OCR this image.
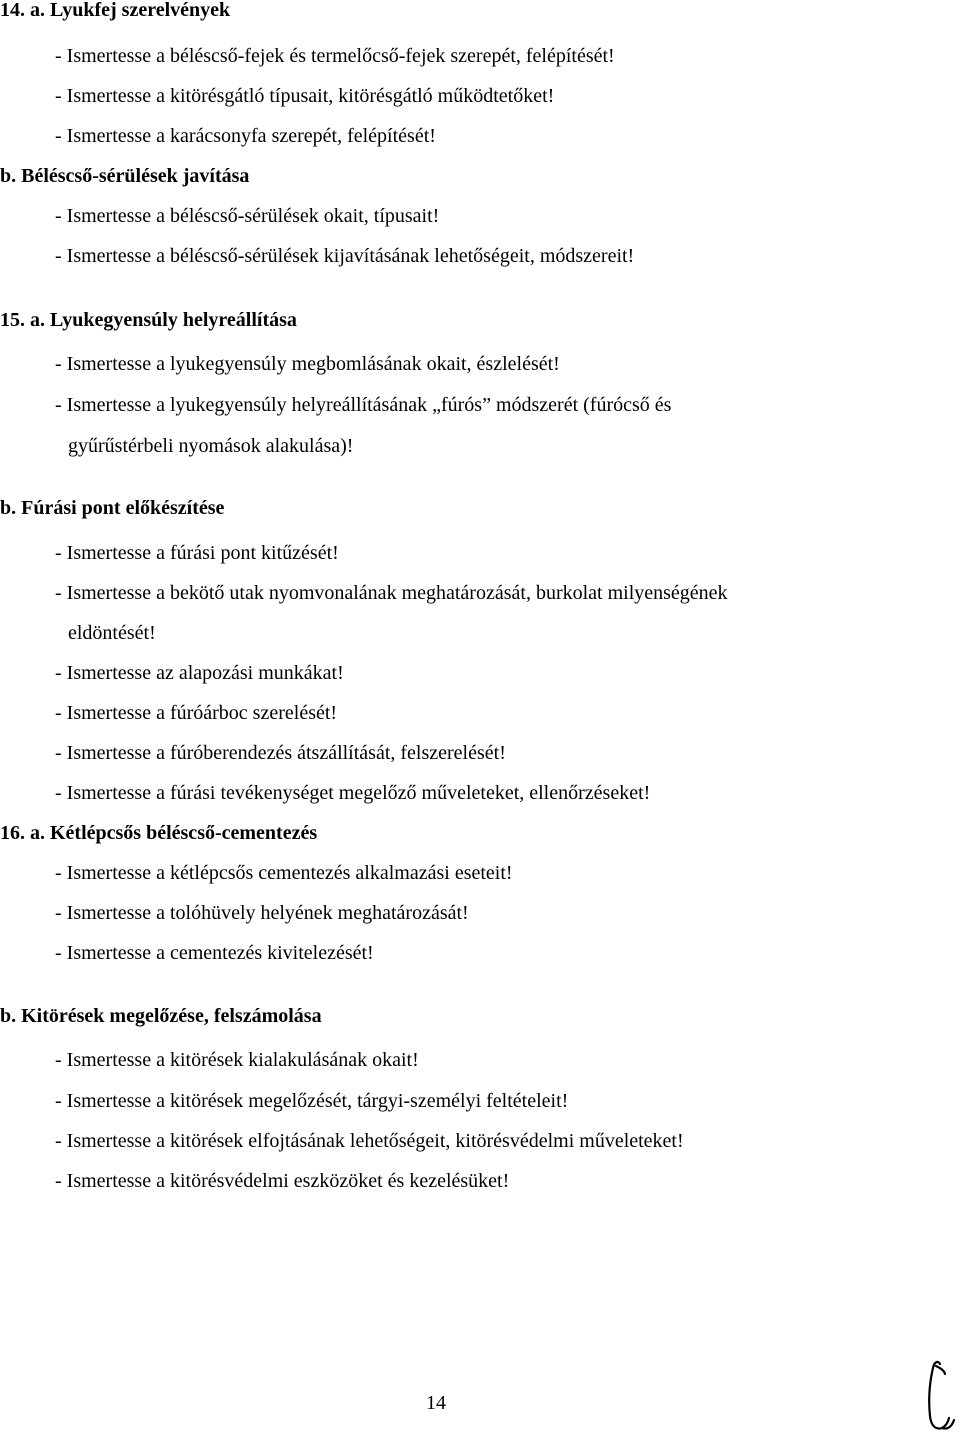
14. a. Lyukfej szerelvények
- Ismertesse a béléscső-fejek és termelőcső-fejek szerepét, felépítését!
- Ismertesse a kitörésgátló típusait, kitörésgátló működtetőket!
- Ismertesse a karácsonyfa szerepét, felépítését!
b. Béléscső-sérülések javítása
- Ismertesse a béléscső-sérülések okait, típusait!
- Ismertesse a béléscső-sérülések kijavításának lehetőségeit, módszereit!
15. a. Lyukegyensúly helyreállítása
- Ismertesse a lyukegyensúly megbomlásának okait, észlelését!
- Ismertesse a lyukegyensúly helyreállításának „fúrós” módszerét (fúrócső és
gyűrűstérbeli nyomások alakulása)!
b. Fúrási pont előkészítése
- Ismertesse a fúrási pont kitűzését!
- Ismertesse a bekötő utak nyomvonalának meghatározását, burkolat milyenségének
eldöntését!
- Ismertesse az alapozási munkákat!
- Ismertesse a fúróárboc szerelését!
- Ismertesse a fúróberendezés átszállítását, felszerelését!
- Ismertesse a fúrási tevékenységet megelőző műveleteket, ellenőrzéseket!
16. a. Kétlépcsős béléscső-cementezés
- Ismertesse a kétlépcsős cementezés alkalmazási eseteit!
- Ismertesse a tolóhüvely helyének meghatározását!
- Ismertesse a cementezés kivitelezését!
b. Kitörések megelőzése, felszámolása
- Ismertesse a kitörések kialakulásának okait!
- Ismertesse a kitörések megelőzését, tárgyi-személyi feltételeit!
- Ismertesse a kitörések elfojtásának lehetőségeit, kitörésvédelmi műveleteket!
- Ismertesse a kitörésvédelmi eszközöket és kezelésüket!
14
